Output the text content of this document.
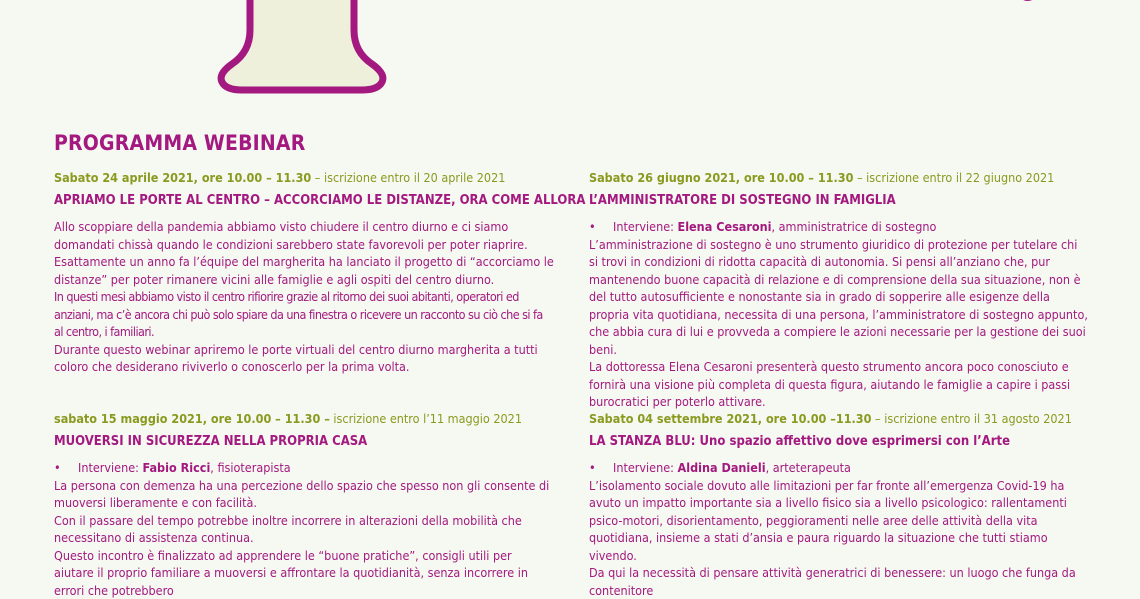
PROGRAMMA WEBINAR

Sabato 24 aprile 2021, ore 10.00 – 11.30 – iscrizione entro il 20 aprile 2021

APRIAMO LE PORTE AL CENTRO – ACCORCIAMO LE DISTANZE, ORA COME ALLORA

Allo scoppiare della pandemia abbiamo visto chiudere il centro diurno e ci siamo domandati chissà quando le condizioni sarebbero state favorevoli per poter riaprire.

Esattamente un anno fa l’équipe del margherita ha lanciato il progetto di “accorciamo le distanze” per poter rimanere vicini alle famiglie e agli ospiti del centro diurno.

In questi mesi abbiamo visto il centro rifiorire grazie al ritorno dei suoi abitanti, operatori ed anziani, ma c’è ancora chi può solo spiare da una finestra o ricevere un racconto su ciò che si fa al centro, i familiari.

Durante questo webinar apriremo le porte virtuali del centro diurno margherita a tutti coloro che desiderano riviverlo o conoscerlo per la prima volta.

sabato 15 maggio 2021, ore 10.00 – 11.30 – iscrizione entro l’11 maggio 2021

MUOVERSI IN SICUREZZA NELLA PROPRIA CASA

• Interviene: Fabio Ricci, fisioterapista

La persona con demenza ha una percezione dello spazio che spesso non gli consente di muoversi liberamente e con facilità.

Con il passare del tempo potrebbe inoltre incorrere in alterazioni della mobilità che necessitano di assistenza continua.

Questo incontro è finalizzato ad apprendere le “buone pratiche”, consigli utili per aiutare il proprio familiare a muoversi e affrontare la quotidianità, senza incorrere in errori che potrebbero

Sabato 26 giugno 2021, ore 10.00 – 11.30 – iscrizione entro il 22 giugno 2021

L’AMMINISTRATORE DI SOSTEGNO IN FAMIGLIA

• Interviene: Elena Cesaroni, amministratrice di sostegno

L’amministrazione di sostegno è uno strumento giuridico di protezione per tutelare chi si trovi in condizioni di ridotta capacità di autonomia. Si pensi all’anziano che, pur mantenendo buone capacità di relazione e di comprensione della sua situazione, non è del tutto autosufficiente e nonostante sia in grado di sopperire alle esigenze della propria vita quotidiana, necessita di una persona, l’amministratore di sostegno appunto, che abbia cura di lui e provveda a compiere le azioni necessarie per la gestione dei suoi beni.

La dottoressa Elena Cesaroni presenterà questo strumento ancora poco conosciuto e fornirà una visione più completa di questa figura, aiutando le famiglie a capire i passi burocratici per poterlo attivare.

Sabato 04 settembre 2021, ore 10.00 –11.30 – iscrizione entro il 31 agosto 2021

LA STANZA BLU: Uno spazio affettivo dove esprimersi con l’Arte

• Interviene: Aldina Danieli, arteterapeuta

L’isolamento sociale dovuto alle limitazioni per far fronte all’emergenza Covid-19 ha avuto un impatto importante sia a livello fisico sia a livello psicologico: rallentamenti psico-motori, disorientamento, peggioramenti nelle aree delle attività della vita quotidiana, insieme a stati d’ansia e paura riguardo la situazione che tutti stiamo vivendo.

Da qui la necessità di pensare attività generatrici di benessere: un luogo che funga da contenitore
